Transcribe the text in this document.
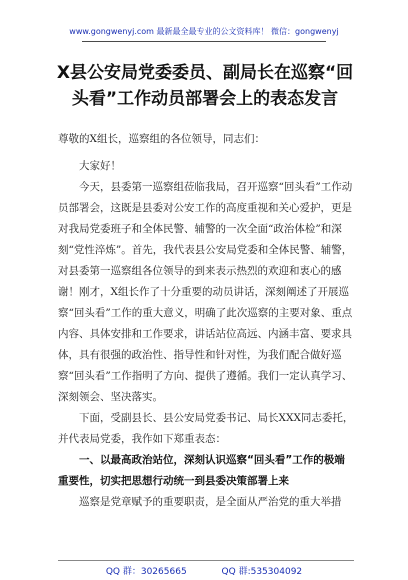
www.gongwenyj.com 最新最全最专业的公文资料库！ 微信：gongwenyj
X县公安局党委委员、副局长在巡察“回头看”工作动员部署会上的表态发言

尊敬的X组长，巡察组的各位领导，同志们：

大家好！

今天，县委第一巡察组莅临我局，召开巡察“回头看”工作动员部署会，这既是县委对公安工作的高度重视和关心爱护，更是对我局党委班子和全体民警、辅警的一次全面“政治体检”和深刻“党性淬炼”。首先，我代表县公安局党委和全体民警、辅警，对县委第一巡察组各位领导的到来表示热烈的欢迎和衷心的感谢！刚才，X组长作了十分重要的动员讲话，深刻阐述了开展巡察“回头看”工作的重大意义，明确了此次巡察的主要对象、重点内容、具体安排和工作要求，讲话站位高远、内涵丰富、要求具体，具有很强的政治性、指导性和针对性，为我们配合做好巡察“回头看”工作指明了方向、提供了遵循。我们一定认真学习、深刻领会、坚决落实。

下面，受副县长、县公安局党委书记、局长XXX同志委托，并代表局党委，我作如下郑重表态：

一、以最高政治站位，深刻认识巡察“回头看”工作的极端重要性，切实把思想行动统一到县委决策部署上来

巡察是党章赋予的重要职责，是全面从严治党的重大举措

QQ 群：30265665	QQ 群:535304092
